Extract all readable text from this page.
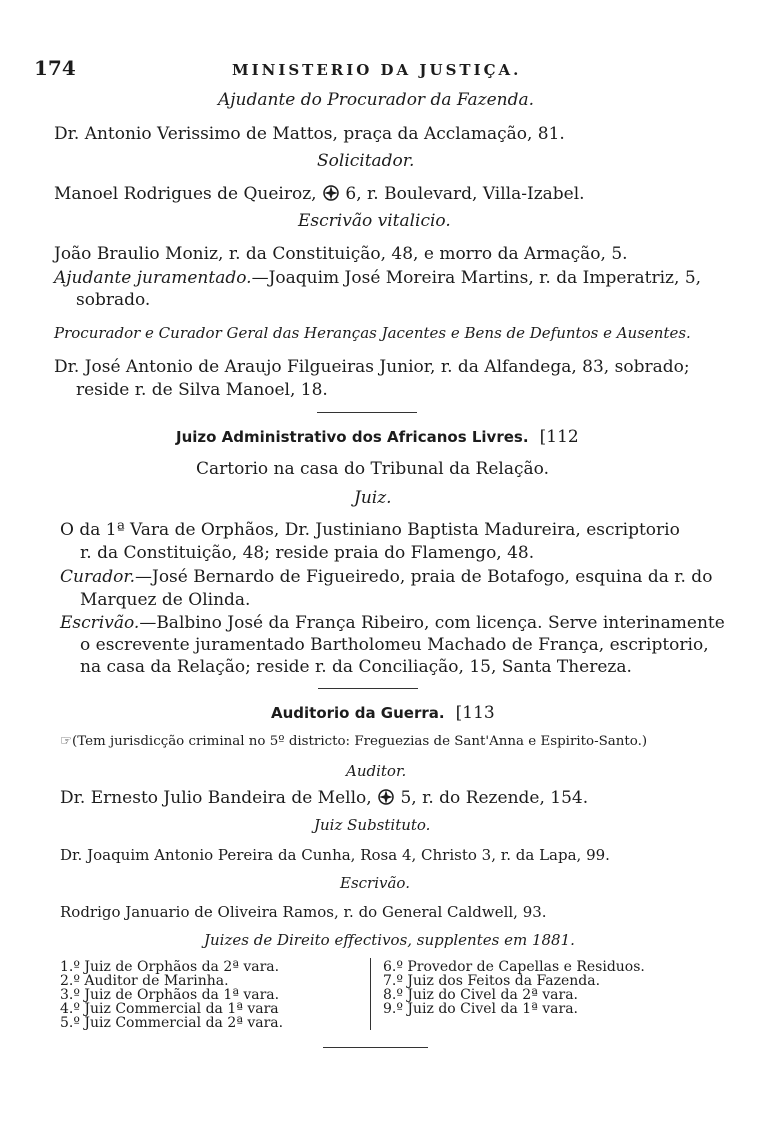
174	MINISTERIO DA JUSTIÇA.
Ajudante do Procurador da Fazenda.
Dr. Antonio Verissimo de Mattos, praça da Acclamação, 81.
Solicitador.
Manoel Rodrigues de Queiroz, 6, r. Boulevard, Villa-Izabel.
Escrivão vitalicio.
João Braulio Moniz, r. da Constituição, 48, e morro da Armação, 5.
Ajudante juramentado.—Joaquim José Moreira Martins, r. da Imperatriz, 5,
sobrado.
Procurador e Curador Geral das Heranças Jacentes e Bens de Defuntos e Ausentes.
Dr. José Antonio de Araujo Filgueiras Junior, r. da Alfandega, 83, sobrado;
reside r. de Silva Manoel, 18.
Juizo Administrativo dos Africanos Livres. [112
Cartorio na casa do Tribunal da Relação.
Juiz.
O da 1ª Vara de Orphãos, Dr. Justiniano Baptista Madureira, escriptorio
r. da Constituição, 48; reside praia do Flamengo, 48.
Curador.—José Bernardo de Figueiredo, praia de Botafogo, esquina da r. do
Marquez de Olinda.
Escrivão.—Balbino José da França Ribeiro, com licença. Serve interinamente
o escrevente juramentado Bartholomeu Machado de França, escriptorio,
na casa da Relação; reside r. da Conciliação, 15, Santa Thereza.
Auditorio da Guerra. [113
☞(Tem jurisdicção criminal no 5º districto: Freguezias de Sant'Anna e Espirito-Santo.)
Auditor.
Dr. Ernesto Julio Bandeira de Mello, 5, r. do Rezende, 154.
Juiz Substituto.
Dr. Joaquim Antonio Pereira da Cunha, Rosa 4, Christo 3, r. da Lapa, 99.
Escrivão.
Rodrigo Januario de Oliveira Ramos, r. do General Caldwell, 93.
Juizes de Direito effectivos, supplentes em 1881.
1.º Juiz de Orphãos da 2ª vara.
2.º Auditor de Marinha.
3.º Juiz de Orphãos da 1ª vara.
4.º Juiz Commercial da 1ª vara
5.º Juiz Commercial da 2ª vara.
6.º Provedor de Capellas e Residuos.
7.º Juiz dos Feitos da Fazenda.
8.º Juiz do Civel da 2ª vara.
9.º Juiz do Civel da 1ª vara.
